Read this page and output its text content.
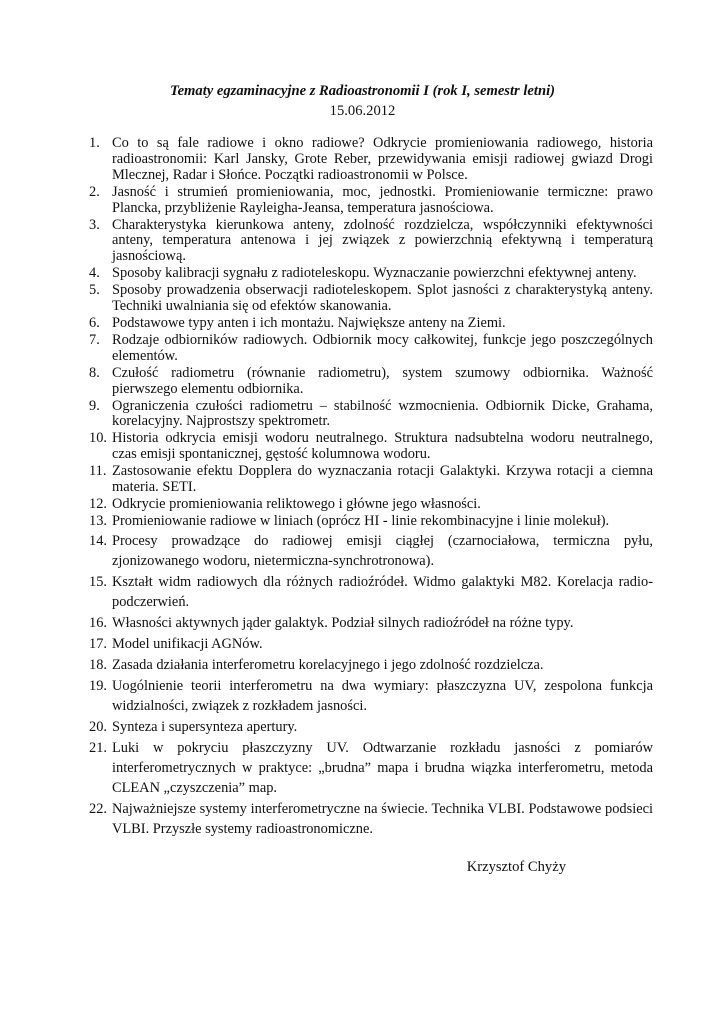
Tematy egzaminacyjne z Radioastronomii I (rok I, semestr letni)
15.06.2012
1. Co to są fale radiowe i okno radiowe? Odkrycie promieniowania radiowego, historia radioastronomii: Karl Jansky, Grote Reber, przewidywania emisji radiowej gwiazd Drogi Mlecznej, Radar i Słońce. Początki radioastronomii w Polsce.
2. Jasność i strumień promieniowania, moc, jednostki. Promieniowanie termiczne: prawo Plancka, przybliżenie Rayleigha-Jeansa, temperatura jasnościowa.
3. Charakterystyka kierunkowa anteny, zdolność rozdzielcza, współczynniki efektywności anteny, temperatura antenowa i jej związek z powierzchnią efektywną i temperaturą jasnościową.
4. Sposoby kalibracji sygnału z radioteleskopu. Wyznaczanie powierzchni efektywnej anteny.
5. Sposoby prowadzenia obserwacji radioteleskopem. Splot jasności z charakterystyką anteny. Techniki uwalniania się od efektów skanowania.
6. Podstawowe typy anten i ich montażu. Największe anteny na Ziemi.
7. Rodzaje odbiorników radiowych. Odbiornik mocy całkowitej, funkcje jego poszczególnych elementów.
8. Czułość radiometru (równanie radiometru), system szumowy odbiornika. Ważność pierwszego elementu odbiornika.
9. Ograniczenia czułości radiometru – stabilność wzmocnienia. Odbiornik Dicke, Grahama, korelacyjny. Najprostszy spektrometr.
10. Historia odkrycia emisji wodoru neutralnego. Struktura nadsubtelna wodoru neutralnego, czas emisji spontanicznej, gęstość kolumnowa wodoru.
11. Zastosowanie efektu Dopplera do wyznaczania rotacji Galaktyki. Krzywa rotacji a ciemna materia. SETI.
12. Odkrycie promieniowania reliktowego i główne jego własności.
13. Promieniowanie radiowe w liniach (oprócz HI - linie rekombinacyjne i linie molekuł).
14. Procesy prowadzące do radiowej emisji ciągłej (czarnociałowa, termiczna pyłu, zjonizowanego wodoru, nietermiczna-synchrotronowa).
15. Kształt widm radiowych dla różnych radioźródeł. Widmo galaktyki M82. Korelacja radio-podczerwień.
16. Własności aktywnych jąder galaktyk. Podział silnych radioźródeł na różne typy.
17. Model unifikacji AGNów.
18. Zasada działania interferometru korelacyjnego i jego zdolność rozdzielcza.
19. Uogólnienie teorii interferometru na dwa wymiary: płaszczyzna UV, zespolona funkcja widzialności, związek z rozkładem jasności.
20. Synteza i supersynteza apertury.
21. Luki w pokryciu płaszczyzny UV. Odtwarzanie rozkładu jasności z pomiarów interferometrycznych w praktyce: „brudna” mapa i brudna wiązka interferometru, metoda CLEAN „czyszczenia” map.
22. Najważniejsze systemy interferometryczne na świecie. Technika VLBI. Podstawowe podsieci VLBI. Przyszłe systemy radioastronomiczne.
Krzysztof Chyży
